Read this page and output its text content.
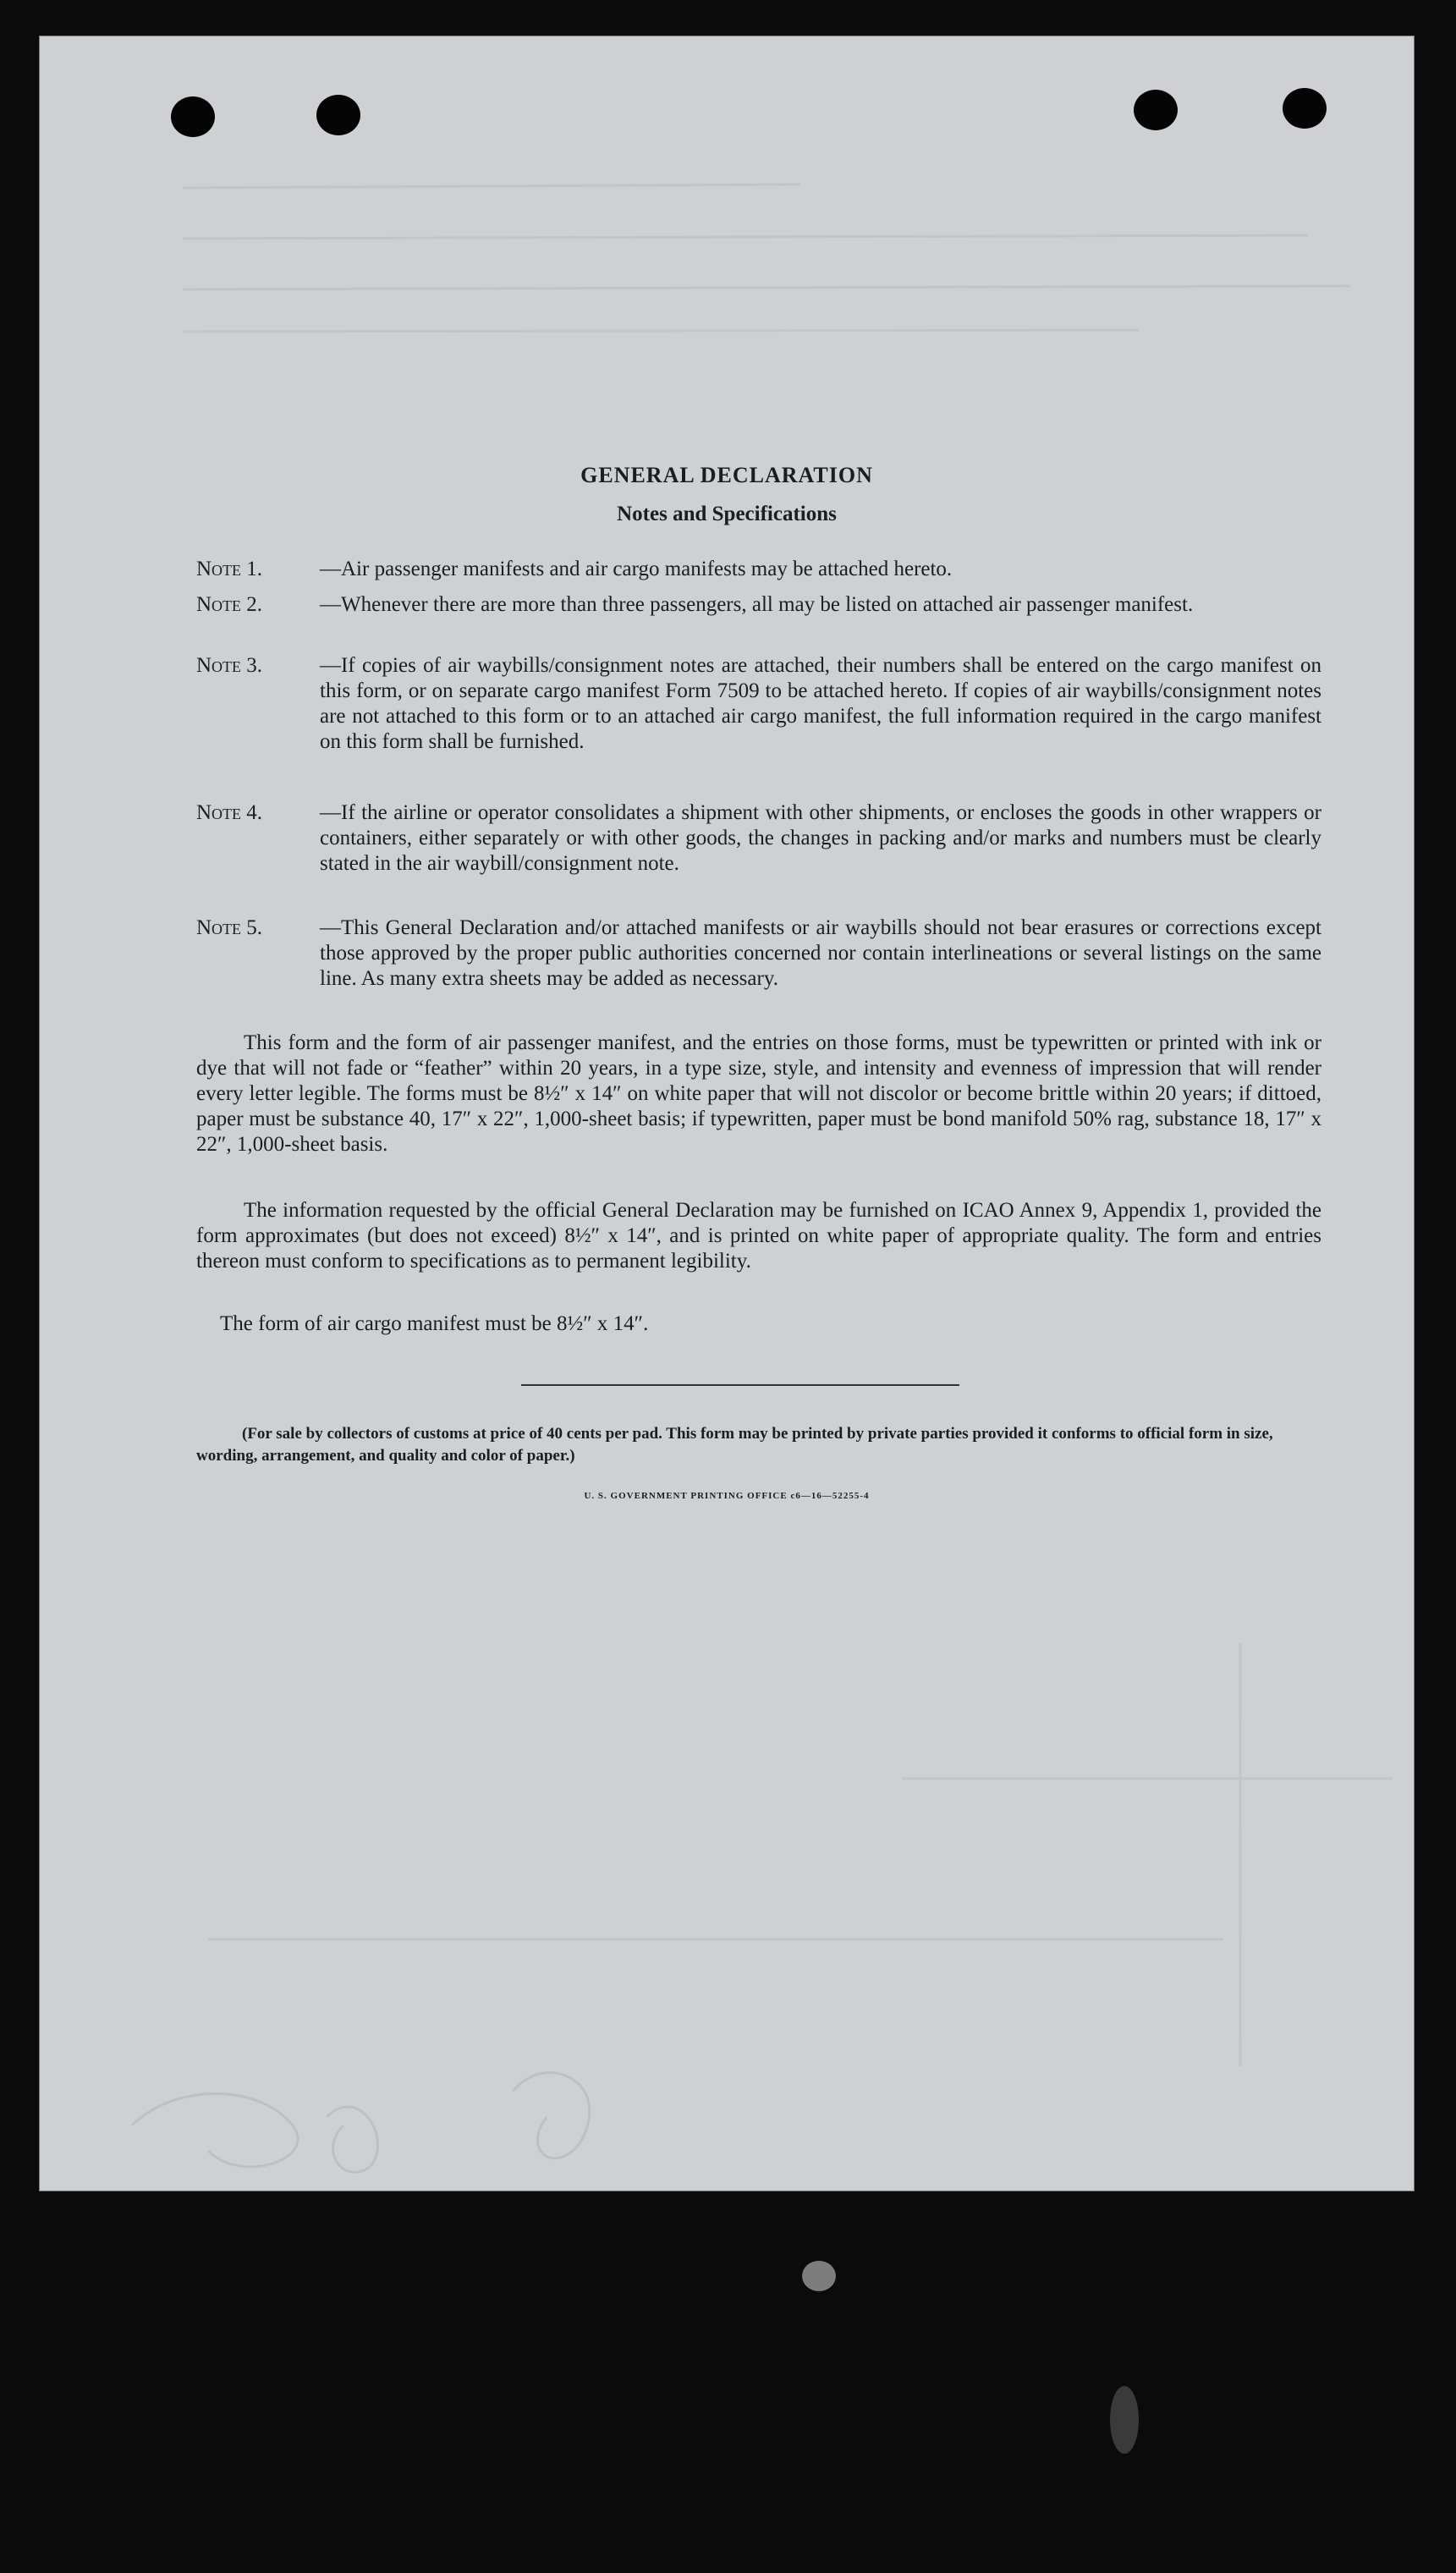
GENERAL DECLARATION
Notes and Specifications
Note 1.	—Air passenger manifests and air cargo manifests may be attached hereto.
Note 2.	—Whenever there are more than three passengers, all may be listed on attached air passenger manifest.
Note 3.	—If copies of air waybills/consignment notes are attached, their numbers shall be entered on the cargo manifest on this form, or on separate cargo manifest Form 7509 to be attached hereto. If copies of air waybills/consignment notes are not attached to this form or to an attached air cargo manifest, the full information required in the cargo manifest on this form shall be furnished.
Note 4.	—If the airline or operator consolidates a shipment with other shipments, or encloses the goods in other wrappers or containers, either separately or with other goods, the changes in packing and/or marks and numbers must be clearly stated in the air waybill/consignment note.
Note 5.	—This General Declaration and/or attached manifests or air waybills should not bear erasures or corrections except those approved by the proper public authorities concerned nor contain interlineations or several listings on the same line. As many extra sheets may be added as necessary.
This form and the form of air passenger manifest, and the entries on those forms, must be typewritten or printed with ink or dye that will not fade or “feather” within 20 years, in a type size, style, and intensity and evenness of impression that will render every letter legible. The forms must be 8½″ x 14″ on white paper that will not discolor or become brittle within 20 years; if dittoed, paper must be substance 40, 17″ x 22″, 1,000-sheet basis; if typewritten, paper must be bond manifold 50% rag, substance 18, 17″ x 22″, 1,000-sheet basis.
The information requested by the official General Declaration may be furnished on ICAO Annex 9, Appendix 1, provided the form approximates (but does not exceed) 8½″ x 14″, and is printed on white paper of appropriate quality. The form and entries thereon must conform to specifications as to permanent legibility.
The form of air cargo manifest must be 8½″ x 14″.
(For sale by collectors of customs at price of 40 cents per pad. This form may be printed by private parties provided it conforms to official form in size, wording, arrangement, and quality and color of paper.)
U. S. GOVERNMENT PRINTING OFFICE c6—16—52255-4
